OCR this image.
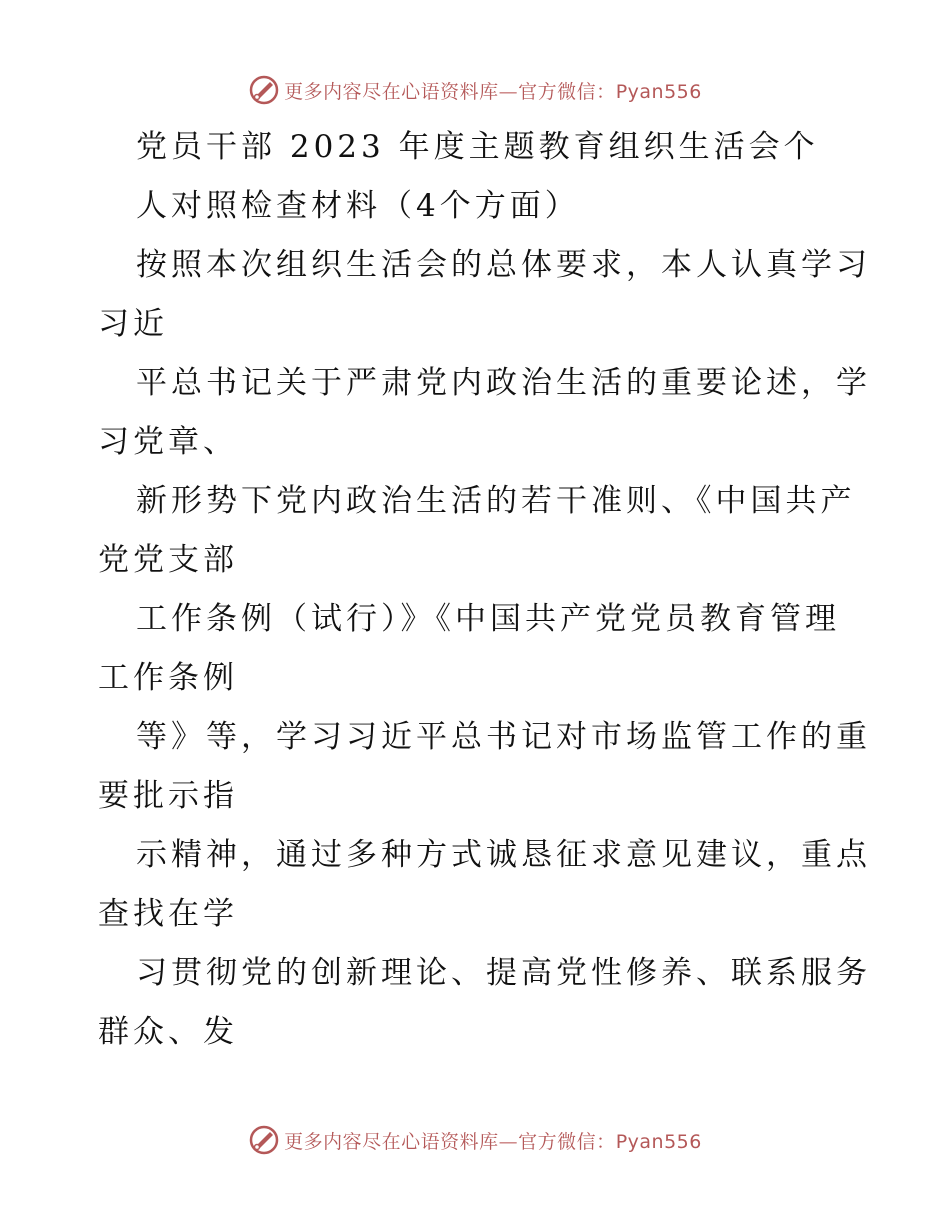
更多内容尽在心语资料库—官方微信：Pyan556
党员干部 2023 年度主题教育组织生活会个
人对照检查材料（4个方面）
按照本次组织生活会的总体要求，本人认真学习
习近
平总书记关于严肃党内政治生活的重要论述，学
习党章、
新形势下党内政治生活的若干准则、《中国共产
党党支部
工作条例（试行）》《中国共产党党员教育管理
工作条例
等》等，学习习近平总书记对市场监管工作的重
要批示指
示精神，通过多种方式诚恳征求意见建议，重点
查找在学
习贯彻党的创新理论、提高党性修养、联系服务
群众、发
更多内容尽在心语资料库—官方微信：Pyan556
